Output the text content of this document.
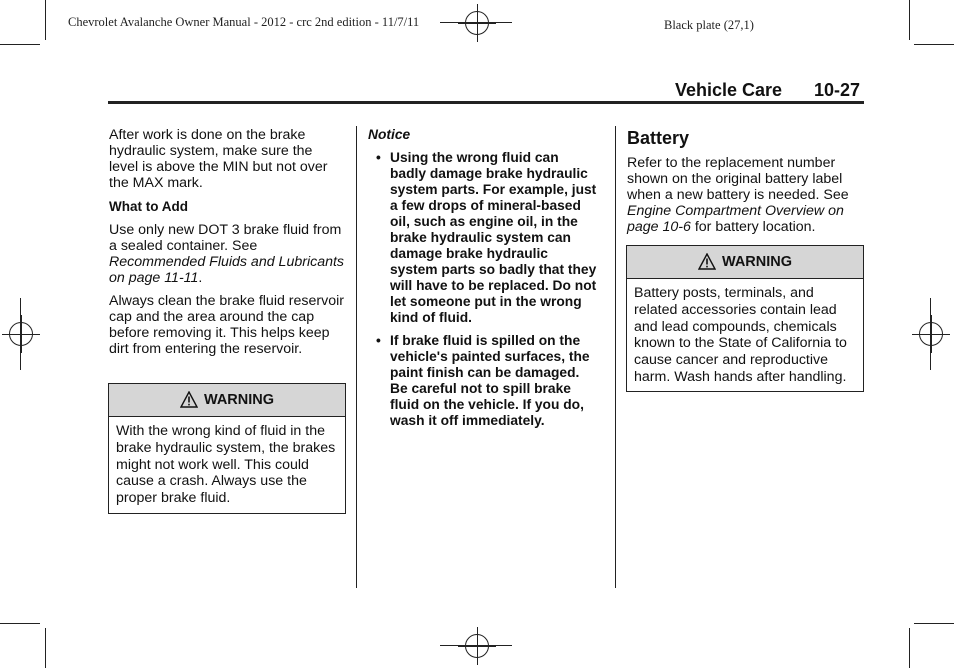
Chevrolet Avalanche Owner Manual - 2012 - crc 2nd edition - 11/7/11	Black plate (27,1)
Vehicle Care 10-27

After work is done on the brake hydraulic system, make sure the level is above the MIN but not over the MAX mark.

What to Add

Use only new DOT 3 brake fluid from a sealed container. See Recommended Fluids and Lubricants on page 11-11.

Always clean the brake fluid reservoir cap and the area around the cap before removing it. This helps keep dirt from entering the reservoir.

WARNING
With the wrong kind of fluid in the brake hydraulic system, the brakes might not work well. This could cause a crash. Always use the proper brake fluid.
Notice
• Using the wrong fluid can badly damage brake hydraulic system parts. For example, just a few drops of mineral-based oil, such as engine oil, in the brake hydraulic system can damage brake hydraulic system parts so badly that they will have to be replaced. Do not let someone put in the wrong kind of fluid.
• If brake fluid is spilled on the vehicle's painted surfaces, the paint finish can be damaged. Be careful not to spill brake fluid on the vehicle. If you do, wash it off immediately.
Battery

Refer to the replacement number shown on the original battery label when a new battery is needed. See Engine Compartment Overview on page 10-6 for battery location.

WARNING
Battery posts, terminals, and related accessories contain lead and lead compounds, chemicals known to the State of California to cause cancer and reproductive harm. Wash hands after handling.
